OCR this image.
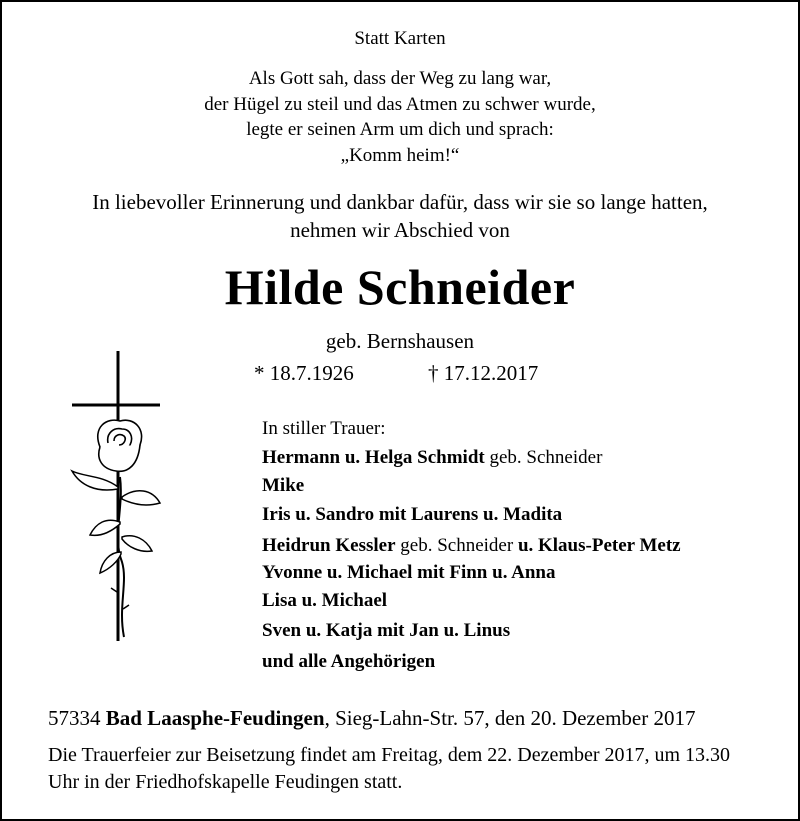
Statt Karten
Als Gott sah, dass der Weg zu lang war,
der Hügel zu steil und das Atmen zu schwer wurde,
legte er seinen Arm um dich und sprach:
„Komm heim!“
In liebevoller Erinnerung und dankbar dafür, dass wir sie so lange hatten,
nehmen wir Abschied von
Hilde Schneider
geb. Bernshausen
* 18.7.1926	† 17.12.2017
In stiller Trauer:
Hermann u. Helga Schmidt geb. Schneider
Mike
Iris u. Sandro mit Laurens u. Madita
Heidrun Kessler geb. Schneider u. Klaus-Peter Metz
Yvonne u. Michael mit Finn u. Anna
Lisa u. Michael
Sven u. Katja mit Jan u. Linus
und alle Angehörigen
57334 Bad Laasphe-Feudingen, Sieg-Lahn-Str. 57, den 20. Dezember 2017
Die Trauerfeier zur Beisetzung findet am Freitag, dem 22. Dezember 2017, um 13.30 Uhr in der Friedhofskapelle Feudingen statt.
